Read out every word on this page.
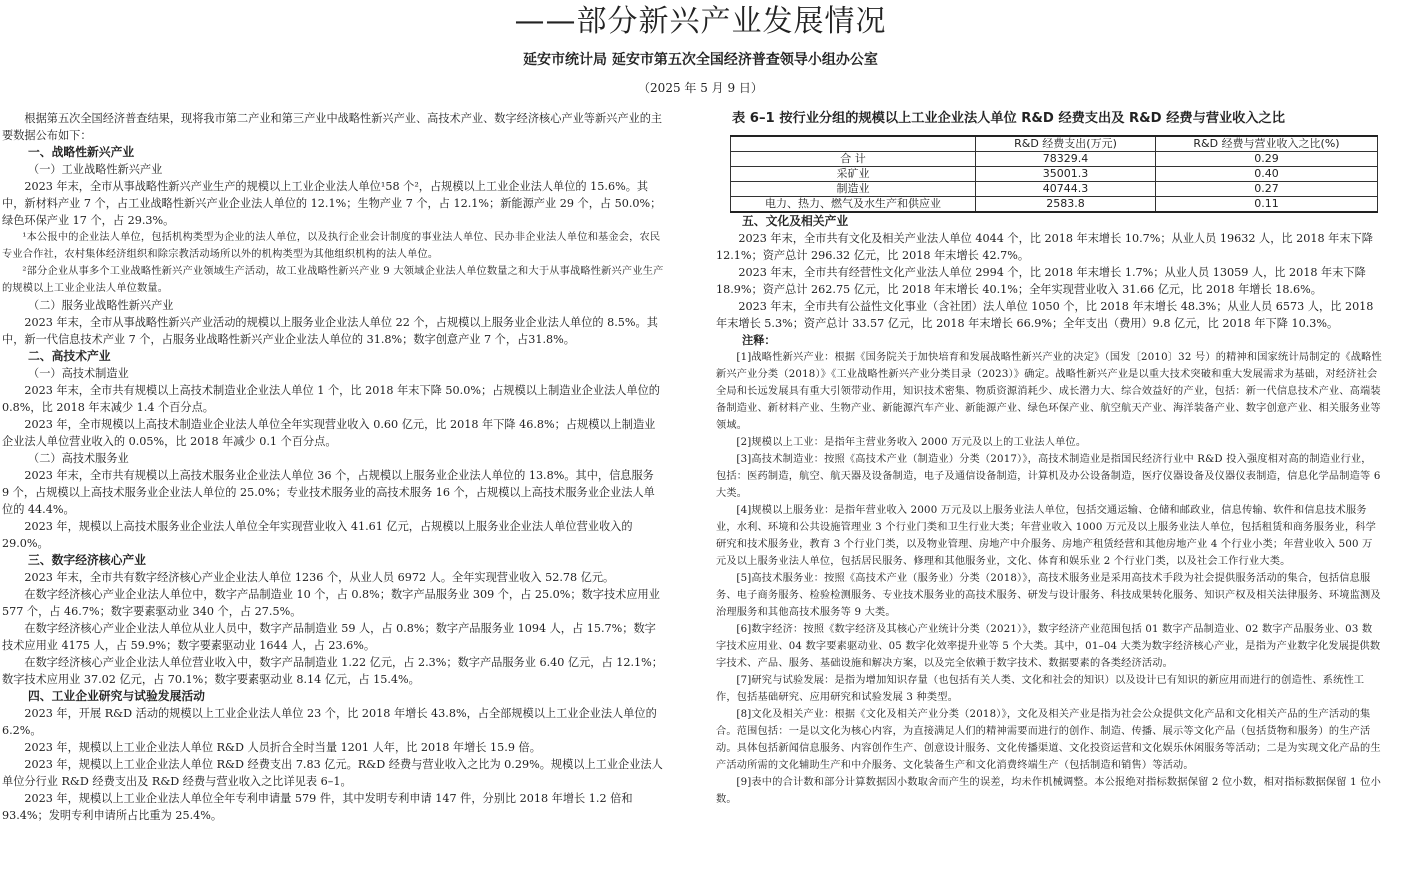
——部分新兴产业发展情况
延安市统计局 延安市第五次全国经济普查领导小组办公室
（2025 年 5 月 9 日）

根据第五次全国经济普查结果，现将我市第二产业和第三产业中战略性新兴产业、高技术产业、数字经济核心产业等新兴产业的主要数据公布如下：

一、战略性新兴产业

（一）工业战略性新兴产业

2023 年末，全市从事战略性新兴产业生产的规模以上工业企业法人单位¹58 个²，占规模以上工业企业法人单位的 15.6%。其中，新材料产业 7 个，占工业战略性新兴产业企业法人单位的 12.1%；生物产业 7 个，占 12.1%；新能源产业 29 个，占 50.0%；绿色环保产业 17 个，占 29.3%。

¹本公报中的企业法人单位，包括机构类型为企业的法人单位，以及执行企业会计制度的事业法人单位、民办非企业法人单位和基金会，农民专业合作社，农村集体经济组织和除宗教活动场所以外的机构类型为其他组织机构的法人单位。

²部分企业从事多个工业战略性新兴产业领域生产活动，故工业战略性新兴产业 9 大领域企业法人单位数量之和大于从事战略性新兴产业生产的规模以上工业企业法人单位数量。

（二）服务业战略性新兴产业

2023 年末，全市从事战略性新兴产业活动的规模以上服务业企业法人单位 22 个，占规模以上服务业企业法人单位的 8.5%。其中，新一代信息技术产业 7 个，占服务业战略性新兴产业企业法人单位的 31.8%；数字创意产业 7 个，占31.8%。

二、高技术产业

（一）高技术制造业

2023 年末，全市共有规模以上高技术制造业企业法人单位 1 个，比 2018 年末下降 50.0%；占规模以上制造业企业法人单位的 0.8%，比 2018 年末减少 1.4 个百分点。

2023 年，全市规模以上高技术制造业企业法人单位全年实现营业收入 0.60 亿元，比 2018 年下降 46.8%；占规模以上制造业企业法人单位营业收入的 0.05%，比 2018 年减少 0.1 个百分点。

（二）高技术服务业

2023 年末，全市共有规模以上高技术服务业企业法人单位 36 个，占规模以上服务业企业法人单位的 13.8%。其中，信息服务 9 个，占规模以上高技术服务业企业法人单位的 25.0%；专业技术服务业的高技术服务 16 个，占规模以上高技术服务业企业法人单位的 44.4%。

2023 年，规模以上高技术服务业企业法人单位全年实现营业收入 41.61 亿元，占规模以上服务业企业法人单位营业收入的 29.0%。

三、数字经济核心产业

2023 年末，全市共有数字经济核心产业企业法人单位 1236 个，从业人员 6972 人。全年实现营业收入 52.78 亿元。

在数字经济核心产业企业法人单位中，数字产品制造业 10 个，占 0.8%；数字产品服务业 309 个，占 25.0%；数字技术应用业 577 个，占 46.7%；数字要素驱动业 340 个，占 27.5%。

在数字经济核心产业企业法人单位从业人员中，数字产品制造业 59 人，占 0.8%；数字产品服务业 1094 人，占 15.7%；数字技术应用业 4175 人，占 59.9%；数字要素驱动业 1644 人，占 23.6%。

在数字经济核心产业企业法人单位营业收入中，数字产品制造业 1.22 亿元，占 2.3%；数字产品服务业 6.40 亿元，占 12.1%；数字技术应用业 37.02 亿元，占 70.1%；数字要素驱动业 8.14 亿元，占 15.4%。

四、工业企业研究与试验发展活动

2023 年，开展 R&D 活动的规模以上工业企业法人单位 23 个，比 2018 年增长 43.8%，占全部规模以上工业企业法人单位的 6.2%。

2023 年，规模以上工业企业法人单位 R&D 人员折合全时当量 1201 人年，比 2018 年增长 15.9 倍。

2023 年，规模以上工业企业法人单位 R&D 经费支出 7.83 亿元。R&D 经费与营业收入之比为 0.29%。规模以上工业企业法人单位分行业 R&D 经费支出及 R&D 经费与营业收入之比详见表 6–1。

2023 年，规模以上工业企业法人单位全年专利申请量 579 件，其中发明专利申请 147 件，分别比 2018 年增长 1.2 倍和 93.4%；发明专利申请所占比重为 25.4%。

表 6–1 按行业分组的规模以上工业企业法人单位 R&D 经费支出及 R&D 经费与营业收入之比

	R&D 经费支出(万元)	R&D 经费与营业收入之比(%)
合 计	78329.4	0.29
采矿业	35001.3	0.40
制造业	40744.3	0.27
电力、热力、燃气及水生产和供应业	2583.8	0.11

五、文化及相关产业

2023 年末，全市共有文化及相关产业法人单位 4044 个，比 2018 年末增长 10.7%；从业人员 19632 人，比 2018 年末下降 12.1%；资产总计 296.32 亿元，比 2018 年末增长 42.7%。

2023 年末，全市共有经营性文化产业法人单位 2994 个，比 2018 年末增长 1.7%；从业人员 13059 人，比 2018 年末下降 18.9%；资产总计 262.75 亿元，比 2018 年末增长 40.1%；全年实现营业收入 31.66 亿元，比 2018 年增长 18.6%。

2023 年末，全市共有公益性文化事业（含社团）法人单位 1050 个，比 2018 年末增长 48.3%；从业人员 6573 人，比 2018 年末增长 5.3%；资产总计 33.57 亿元，比 2018 年末增长 66.9%；全年支出（费用）9.8 亿元，比 2018 年下降 10.3%。

注释：

[1]战略性新兴产业：根据《国务院关于加快培育和发展战略性新兴产业的决定》（国发〔2010〕32 号）的精神和国家统计局制定的《战略性新兴产业分类（2018）》《工业战略性新兴产业分类目录（2023）》确定。战略性新兴产业是以重大技术突破和重大发展需求为基础，对经济社会全局和长远发展具有重大引领带动作用，知识技术密集、物质资源消耗少、成长潜力大、综合效益好的产业，包括：新一代信息技术产业、高端装备制造业、新材料产业、生物产业、新能源汽车产业、新能源产业、绿色环保产业、航空航天产业、海洋装备产业、数字创意产业、相关服务业等领域。

[2]规模以上工业：是指年主营业务收入 2000 万元及以上的工业法人单位。

[3]高技术制造业：按照《高技术产业（制造业）分类（2017）》，高技术制造业是指国民经济行业中 R&D 投入强度相对高的制造业行业，包括：医药制造，航空、航天器及设备制造，电子及通信设备制造，计算机及办公设备制造，医疗仪器设备及仪器仪表制造，信息化学品制造等 6 大类。

[4]规模以上服务业：是指年营业收入 2000 万元及以上服务业法人单位，包括交通运输、仓储和邮政业，信息传输、软件和信息技术服务业，水利、环境和公共设施管理业 3 个行业门类和卫生行业大类；年营业收入 1000 万元及以上服务业法人单位，包括租赁和商务服务业，科学研究和技术服务业，教育 3 个行业门类，以及物业管理、房地产中介服务、房地产租赁经营和其他房地产业 4 个行业小类；年营业收入 500 万元及以上服务业法人单位，包括居民服务、修理和其他服务业，文化、体育和娱乐业 2 个行业门类，以及社会工作行业大类。

[5]高技术服务业：按照《高技术产业（服务业）分类（2018）》，高技术服务业是采用高技术手段为社会提供服务活动的集合，包括信息服务、电子商务服务、检验检测服务、专业技术服务业的高技术服务、研发与设计服务、科技成果转化服务、知识产权及相关法律服务、环境监测及治理服务和其他高技术服务等 9 大类。

[6]数字经济：按照《数字经济及其核心产业统计分类（2021）》，数字经济产业范围包括 01 数字产品制造业、02 数字产品服务业、03 数字技术应用业、04 数字要素驱动业、05 数字化效率提升业等 5 个大类。其中，01–04 大类为数字经济核心产业，是指为产业数字化发展提供数字技术、产品、服务、基础设施和解决方案，以及完全依赖于数字技术、数据要素的各类经济活动。

[7]研究与试验发展：是指为增加知识存量（也包括有关人类、文化和社会的知识）以及设计已有知识的新应用而进行的创造性、系统性工作，包括基础研究、应用研究和试验发展 3 种类型。

[8]文化及相关产业：根据《文化及相关产业分类（2018）》，文化及相关产业是指为社会公众提供文化产品和文化相关产品的生产活动的集合。范围包括：一是以文化为核心内容，为直接满足人们的精神需要而进行的创作、制造、传播、展示等文化产品（包括货物和服务）的生产活动。具体包括新闻信息服务、内容创作生产、创意设计服务、文化传播渠道、文化投资运营和文化娱乐休闲服务等活动；二是为实现文化产品的生产活动所需的文化辅助生产和中介服务、文化装备生产和文化消费终端生产（包括制造和销售）等活动。

[9]表中的合计数和部分计算数据因小数取舍而产生的误差，均未作机械调整。本公报绝对指标数据保留 2 位小数，相对指标数据保留 1 位小数。
